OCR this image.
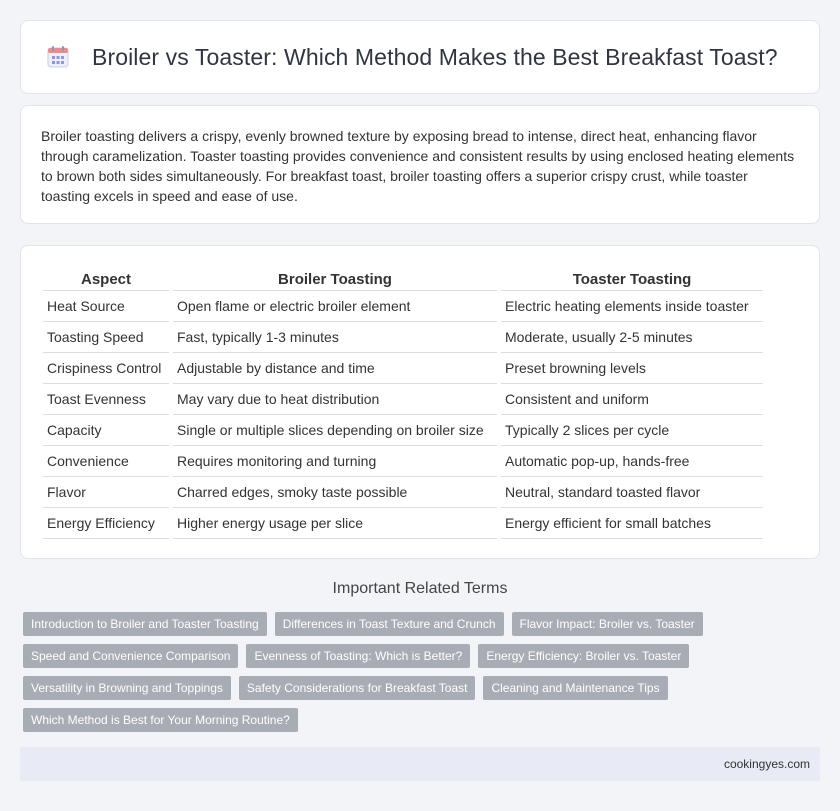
Broiler vs Toaster: Which Method Makes the Best Breakfast Toast?

Broiler toasting delivers a crispy, evenly browned texture by exposing bread to intense, direct heat, enhancing flavor through caramelization. Toaster toasting provides convenience and consistent results by using enclosed heating elements to brown both sides simultaneously. For breakfast toast, broiler toasting offers a superior crispy crust, while toaster toasting excels in speed and ease of use.

Aspect	Broiler Toasting	Toaster Toasting
Heat Source	Open flame or electric broiler element	Electric heating elements inside toaster
Toasting Speed	Fast, typically 1-3 minutes	Moderate, usually 2-5 minutes
Crispiness Control	Adjustable by distance and time	Preset browning levels
Toast Evenness	May vary due to heat distribution	Consistent and uniform
Capacity	Single or multiple slices depending on broiler size	Typically 2 slices per cycle
Convenience	Requires monitoring and turning	Automatic pop-up, hands-free
Flavor	Charred edges, smoky taste possible	Neutral, standard toasted flavor
Energy Efficiency	Higher energy usage per slice	Energy efficient for small batches
Important Related Terms
Introduction to Broiler and Toaster Toasting	Differences in Toast Texture and Crunch	Flavor Impact: Broiler vs. Toaster
Speed and Convenience Comparison	Evenness of Toasting: Which is Better?	Energy Efficiency: Broiler vs. Toaster
Versatility in Browning and Toppings	Safety Considerations for Breakfast Toast	Cleaning and Maintenance Tips
Which Method is Best for Your Morning Routine?
cookingyes.com
